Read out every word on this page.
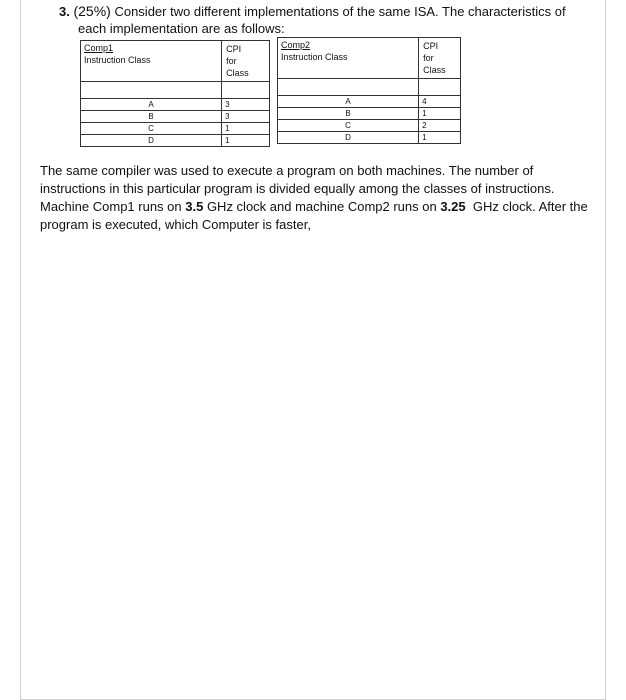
3. (25%) Consider two different implementations of the same ISA. The characteristics of
each implementation are as follows:
Comp1
Instruction Class	CPI
for
Class

A	3
B	3
C	1
D	1
Comp2
Instruction Class	CPI
for
Class

A	4
B	1
C	2
D	1

The same compiler was used to execute a program on both machines. The number of

instructions in this particular program is divided equally among the classes of instructions.

Machine Comp1 runs on 3.5 GHz clock and machine Comp2 runs on 3.25  GHz clock. After the

program is executed, which Computer is faster,
